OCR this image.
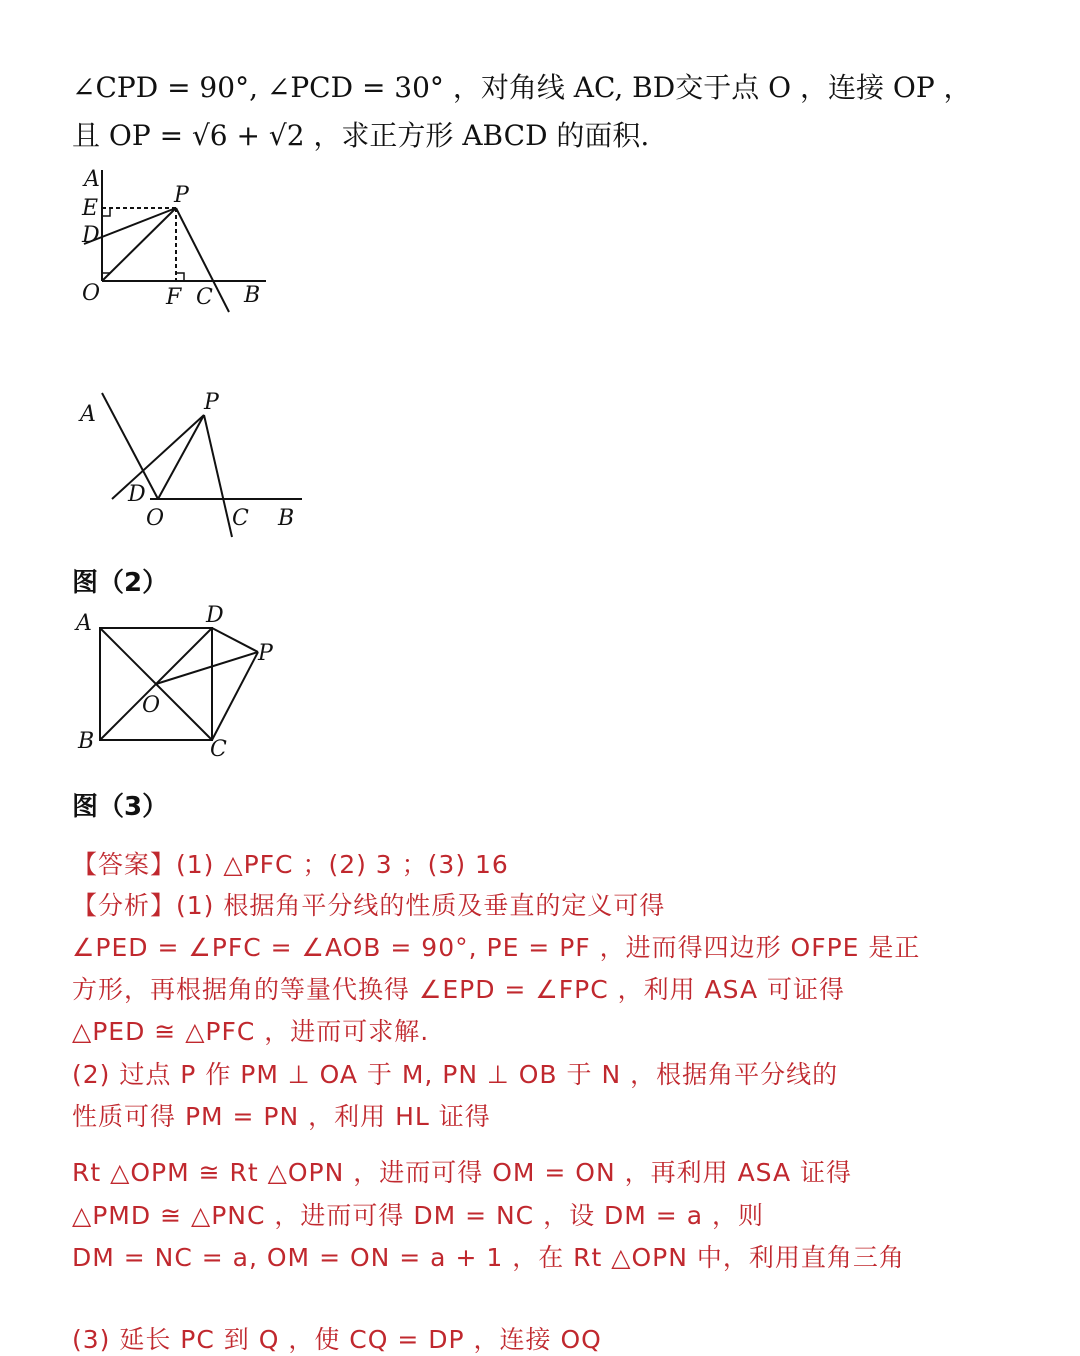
∠CPD = 90°, ∠PCD = 30° ，对角线 AC, BD交于点 O ，连接 OP ，
且 OP = √6 + √2 ，求正方形 ABCD 的面积.
A
E
D
P
O	F C B
A	P
D
O	C B
图（2）
A	D
P
O
B	C
图（3）
【答案】(1) △PFC ；(2) 3 ；(3) 16
【分析】(1) 根据角平分线的性质及垂直的定义可得
∠PED = ∠PFC = ∠AOB = 90°, PE = PF ，进而得四边形 OFPE 是正
方形，再根据角的等量代换得 ∠EPD = ∠FPC ，利用 ASA 可证得
△PED ≅ △PFC ，进而可求解.
(2) 过点 P 作 PM ⊥ OA 于 M, PN ⊥ OB 于 N ，根据角平分线的
性质可得 PM = PN ，利用 HL 证得
Rt △OPM ≅ Rt △OPN ，进而可得 OM = ON ，再利用 ASA 证得
△PMD ≅ △PNC ，进而可得 DM = NC ，设 DM = a ，则
DM = NC = a, OM = ON = a + 1 ，在 Rt △OPN 中，利用直角三角
(3) 延长 PC 到 Q ，使 CQ = DP ，连接 OQ
